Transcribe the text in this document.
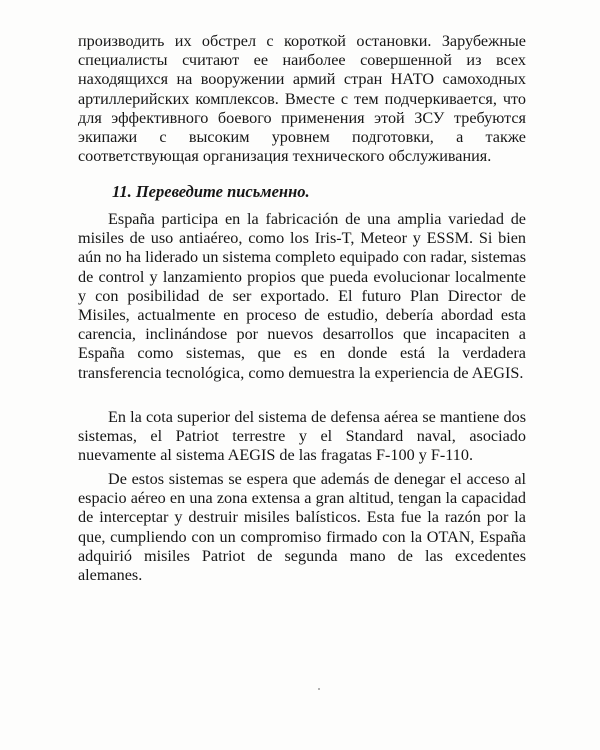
производить их обстрел с короткой остановки. Зарубежные специалисты считают ее наиболее совершенной из всех находящихся на вооружении армий стран НАТО самоходных артиллерийских комплексов. Вместе с тем подчеркивается, что для эффективного боевого применения этой ЗСУ требуются экипажи с высоким уровнем подготовки, а также соответствующая организация технического обслуживания.

11. Переведите письменно.

España participa en la fabricación de una amplia variedad de misiles de uso antiaéreo, como los Iris-T, Meteor y ESSM. Si bien aún no ha liderado un sistema completo equipado con radar, sistemas de control y lanzamiento propios que pueda evolucionar localmente y con posibilidad de ser exportado. El futuro Plan Director de Misiles, actualmente en proceso de estudio, debería abordad esta carencia, inclinándose por nuevos desarrollos que incapaciten a España como sistemas, que es en donde está la verdadera transferencia tecnológica, como demuestra la experiencia de AEGIS.

En la cota superior del sistema de defensa aérea se mantiene dos sistemas, el Patriot terrestre y el Standard naval, asociado nuevamente al sistema AEGIS de las fragatas F-100 y F-110.

De estos sistemas se espera que además de denegar el acceso al espacio aéreo en una zona extensa a gran altitud, tengan la capacidad de interceptar y destruir misiles balísticos. Esta fue la razón por la que, cumpliendo con un compromiso firmado con la OTAN, España adquirió misiles Patriot de segunda mano de las excedentes alemanes.
